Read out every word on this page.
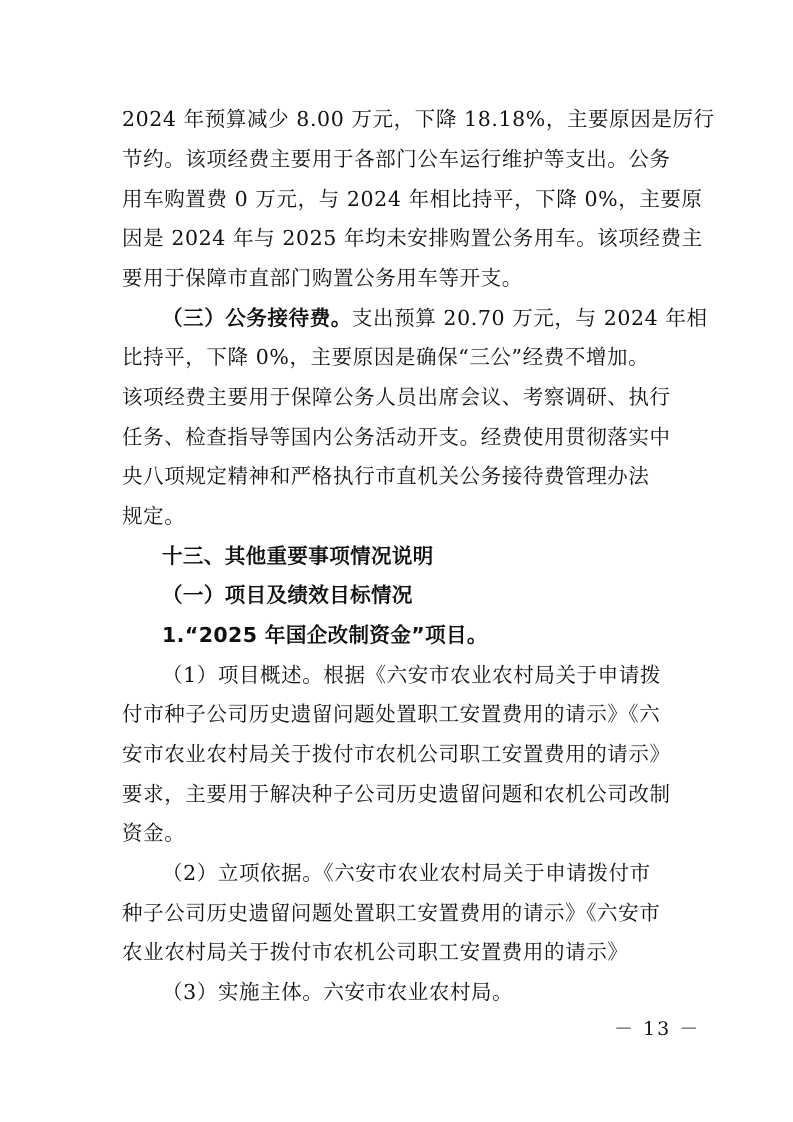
2024 年预算减少 8.00 万元，下降 18.18%，主要原因是厉行
节约。该项经费主要用于各部门公车运行维护等支出。公务
用车购置费 0 万元，与 2024 年相比持平，下降 0%，主要原
因是 2024 年与 2025 年均未安排购置公务用车。该项经费主
要用于保障市直部门购置公务用车等开支。
（三）公务接待费。支出预算 20.70 万元，与 2024 年相
比持平，下降 0%，主要原因是确保“三公”经费不增加。
该项经费主要用于保障公务人员出席会议、考察调研、执行
任务、检查指导等国内公务活动开支。经费使用贯彻落实中
央八项规定精神和严格执行市直机关公务接待费管理办法
规定。
十三、其他重要事项情况说明
（一）项目及绩效目标情况
1.“2025 年国企改制资金”项目。
（1）项目概述。根据《六安市农业农村局关于申请拨
付市种子公司历史遗留问题处置职工安置费用的请示》《六
安市农业农村局关于拨付市农机公司职工安置费用的请示》
要求，主要用于解决种子公司历史遗留问题和农机公司改制
资金。
（2）立项依据。《六安市农业农村局关于申请拨付市
种子公司历史遗留问题处置职工安置费用的请示》《六安市
农业农村局关于拨付市农机公司职工安置费用的请示》
（3）实施主体。六安市农业农村局。
－ 13 －
